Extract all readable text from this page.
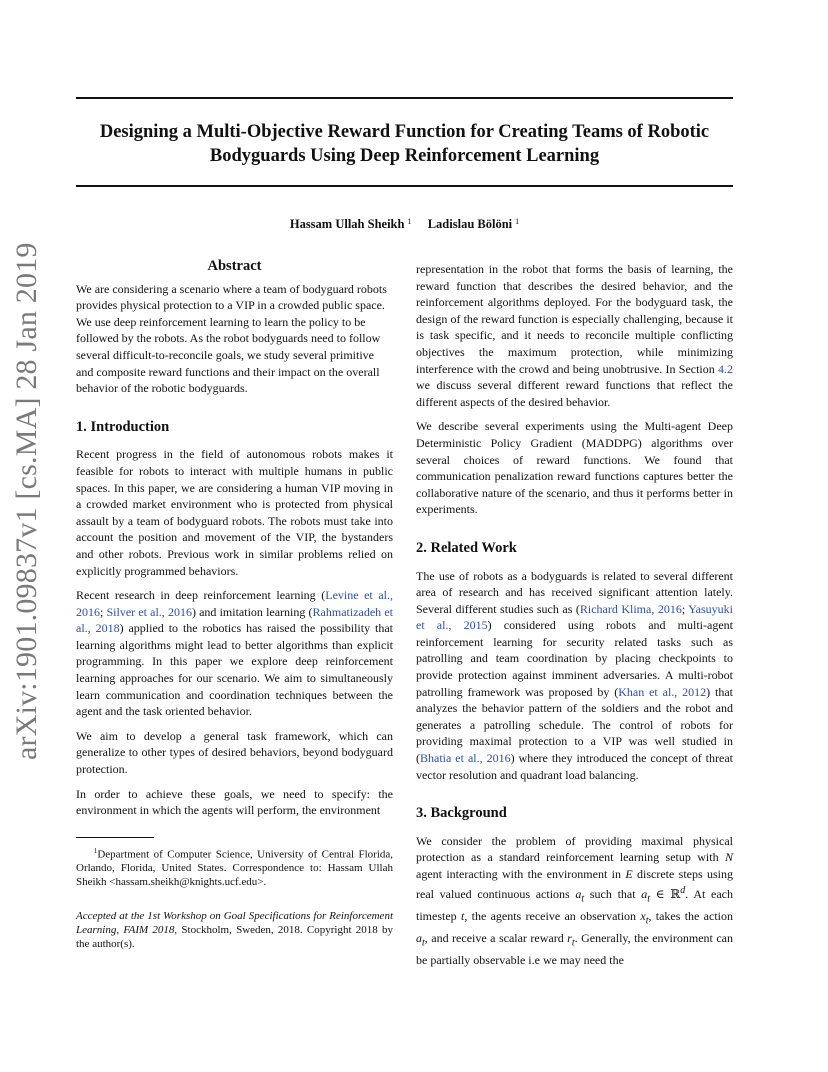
arXiv:1901.09837v1 [cs.MA] 28 Jan 2019
Designing a Multi-Objective Reward Function for Creating Teams of Robotic
Bodyguards Using Deep Reinforcement Learning
Hassam Ullah Sheikh $^1$ Ladislau Bölöni $^1$
Abstract

We are considering a scenario where a team of bodyguard robots provides physical protection to a VIP in a crowded public space. We use deep reinforcement learning to learn the policy to be followed by the robots. As the robot bodyguards need to follow several difficult-to-reconcile goals, we study several primitive and composite reward functions and their impact on the overall behavior of the robotic bodyguards.

1. Introduction

Recent progress in the field of autonomous robots makes it feasible for robots to interact with multiple humans in public spaces. In this paper, we are considering a human VIP moving in a crowded market environment who is protected from physical assault by a team of bodyguard robots. The robots must take into account the position and movement of the VIP, the bystanders and other robots. Previous work in similar problems relied on explicitly programmed behaviors.

Recent research in deep reinforcement learning (Levine et al., 2016; Silver et al., 2016) and imitation learning (Rahmatizadeh et al., 2018) applied to the robotics has raised the possibility that learning algorithms might lead to better algorithms than explicit programming. In this paper we explore deep reinforcement learning approaches for our scenario. We aim to simultaneously learn communication and coordination techniques between the agent and the task oriented behavior.

We aim to develop a general task framework, which can generalize to other types of desired behaviors, beyond bodyguard protection.

In order to achieve these goals, we need to specify: the environment in which the agents will perform, the environment

$^1$Department of Computer Science, University of Central Florida, Orlando, Florida, United States. Correspondence to: Hassam Ullah Sheikh <hassam.sheikh@knights.ucf.edu>.
Accepted at the 1st Workshop on Goal Specifications for Reinforcement Learning, FAIM 2018, Stockholm, Sweden, 2018. Copyright 2018 by the author(s).

representation in the robot that forms the basis of learning, the reward function that describes the desired behavior, and the reinforcement algorithms deployed. For the bodyguard task, the design of the reward function is especially challenging, because it is task specific, and it needs to reconcile multiple conflicting objectives the maximum protection, while minimizing interference with the crowd and being unobtrusive. In Section 4.2 we discuss several different reward functions that reflect the different aspects of the desired behavior.

We describe several experiments using the Multi-agent Deep Deterministic Policy Gradient (MADDPG) algorithms over several choices of reward functions. We found that communication penalization reward functions captures better the collaborative nature of the scenario, and thus it performs better in experiments.

2. Related Work

The use of robots as a bodyguards is related to several different area of research and has received significant attention lately. Several different studies such as (Richard Klima, 2016; Yasuyuki et al., 2015) considered using robots and multi-agent reinforcement learning for security related tasks such as patrolling and team coordination by placing checkpoints to provide protection against imminent adversaries. A multi-robot patrolling framework was proposed by (Khan et al., 2012) that analyzes the behavior pattern of the soldiers and the robot and generates a patrolling schedule. The control of robots for providing maximal protection to a VIP was well studied in (Bhatia et al., 2016) where they introduced the concept of threat vector resolution and quadrant load balancing.

3. Background

We consider the problem of providing maximal physical protection as a standard reinforcement learning setup with N agent interacting with the environment in E discrete steps using real valued continuous actions $a_t$ such that $a_t$ ∈ ℝ$^d$. At each timestep t, the agents receive an observation $x_t$, takes the action $a_t$, and receive a scalar reward $r_t$. Generally, the environment can be partially observable i.e we may need the
